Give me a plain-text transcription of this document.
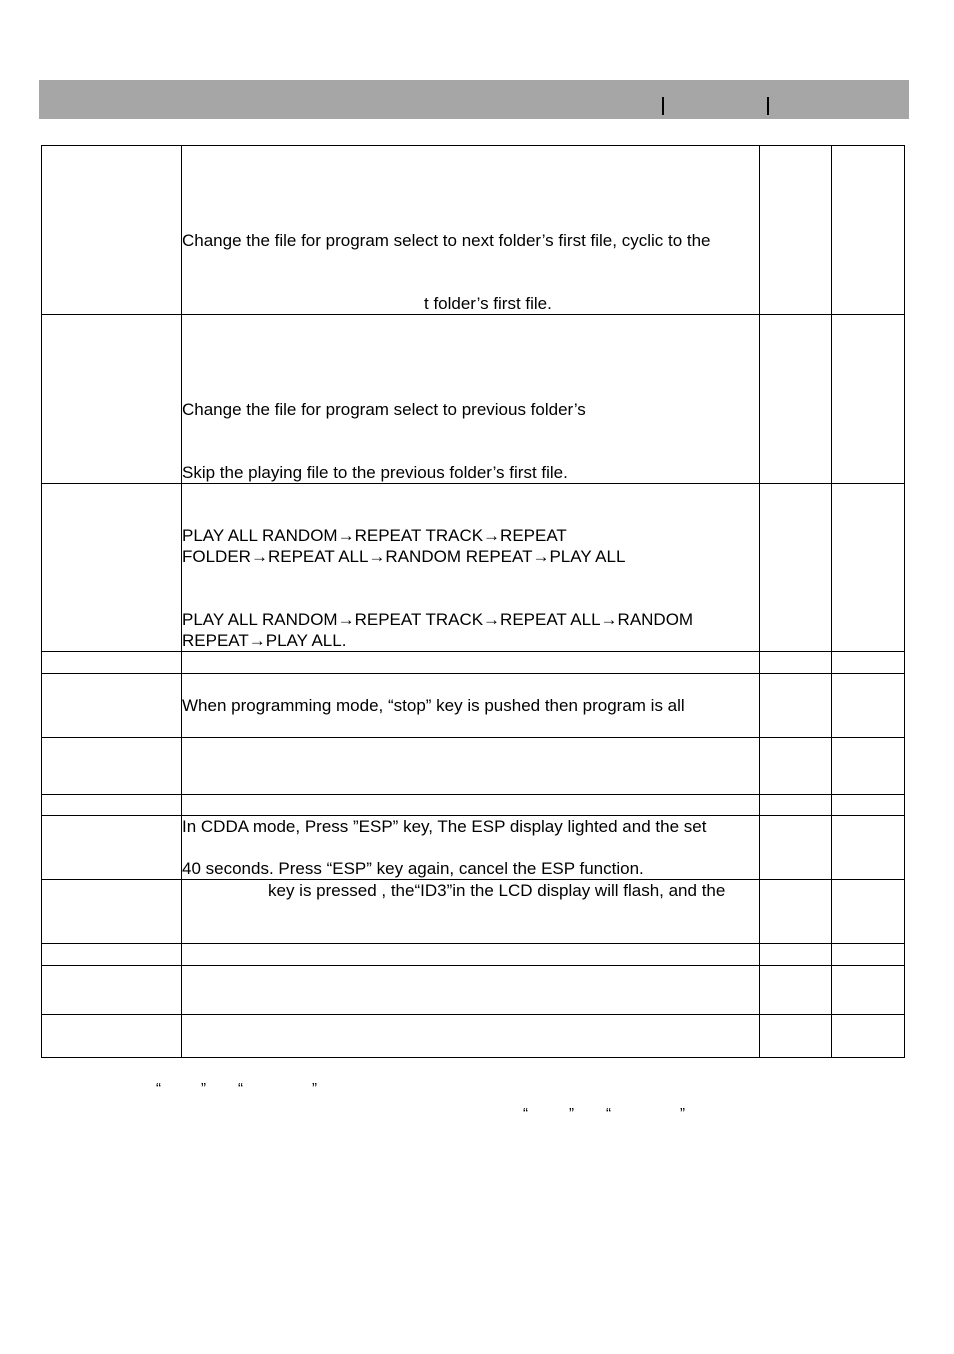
Change the file for program select to next folder’s first file, cyclic to the

t folder’s first file.

Change the file for program select to previous folder’s

Skip the playing file to the previous folder’s first file.

PLAY ALL RANDOM→REPEAT TRACK→REPEAT

FOLDER→REPEAT ALL→RANDOM REPEAT→PLAY ALL

PLAY ALL RANDOM→REPEAT TRACK→REPEAT ALL→RANDOM

REPEAT→PLAY ALL.

When programming mode, “stop” key is pushed then program is all

In CDDA mode, Press ”ESP” key, The ESP display lighted and the set

40 seconds. Press “ESP” key again, cancel the ESP function.

key is pressed , the“ID3”in the LCD display will flash, and the

“	” “	”
“	” “	”
